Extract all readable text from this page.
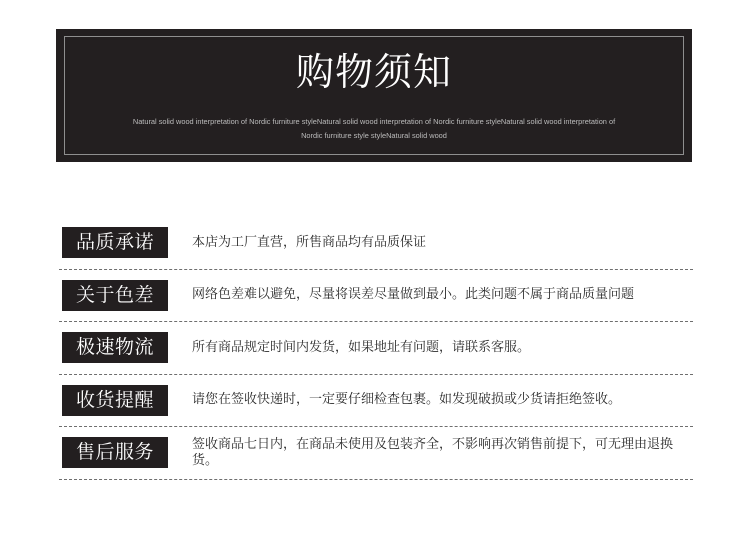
购物须知
Natural solid wood interpretation of Nordic furniture styleNatural solid wood interpretation of Nordic furniture styleNatural solid wood interpretation of Nordic furniture style styleNatural solid wood
品质承诺	本店为工厂直营，所售商品均有品质保证
关于色差	网络色差难以避免，尽量将误差尽量做到最小。此类问题不属于商品质量问题
极速物流	所有商品规定时间内发货，如果地址有问题，请联系客服。
收货提醒	请您在签收快递时，一定要仔细检查包裹。如发现破损或少货请拒绝签收。
售后服务	签收商品七日内，在商品未使用及包装齐全，不影响再次销售前提下，可无理由退换货。
